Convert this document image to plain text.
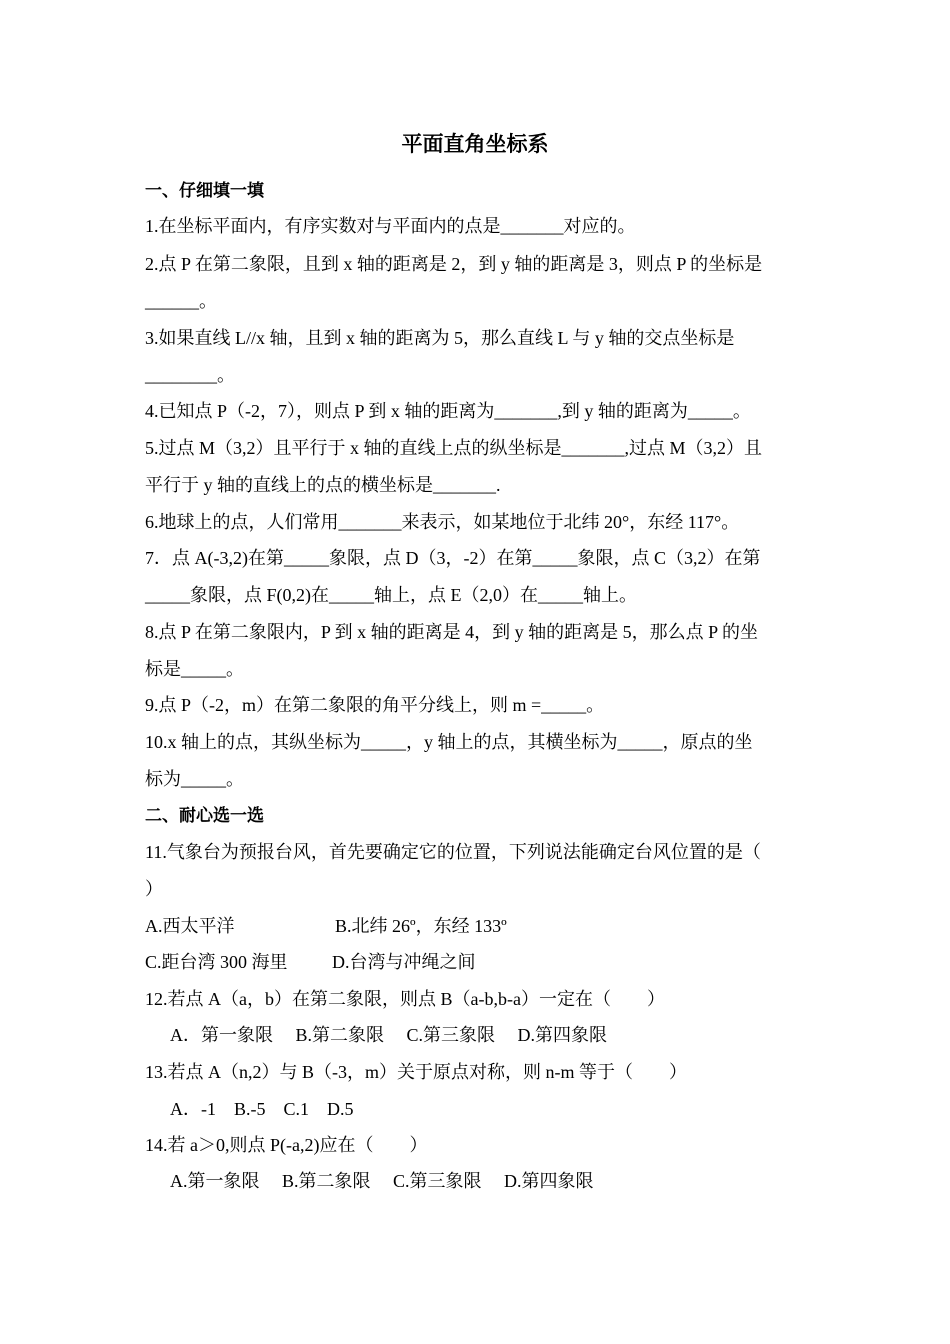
平面直角坐标系
一、仔细填一填
1.在坐标平面内，有序实数对与平面内的点是_______对应的。
2.点 P 在第二象限，且到 x 轴的距离是 2，到 y 轴的距离是 3，则点 P 的坐标是
______。
3.如果直线 L//x 轴，且到 x 轴的距离为 5，那么直线 L 与 y 轴的交点坐标是
________。
4.已知点 P（-2，7），则点 P 到 x 轴的距离为_______,到 y 轴的距离为_____。
5.过点 M（3,2）且平行于 x 轴的直线上点的纵坐标是_______,过点 M（3,2）且
平行于 y 轴的直线上的点的横坐标是_______.
6.地球上的点，人们常用_______来表示，如某地位于北纬 20°，东经 117°。
7．点 A(-3,2)在第_____象限，点 D（3，-2）在第_____象限，点 C（3,2）在第
_____象限，点 F(0,2)在_____轴上，点 E（2,0）在_____轴上。
8.点 P 在第二象限内，P 到 x 轴的距离是 4，到 y 轴的距离是 5，那么点 P 的坐
标是_____。
9.点 P（-2，m）在第二象限的角平分线上，则 m =_____。
10.x 轴上的点，其纵坐标为_____，y 轴上的点，其横坐标为_____，原点的坐
标为_____。
二、耐心选一选
11.气象台为预报台风，首先要确定它的位置，下列说法能确定台风位置的是（
）
A.西太平洋	B.北纬 26º，东经 133º
C.距台湾 300 海里 D.台湾与冲绳之间
12.若点 A（a，b）在第二象限，则点 B（a-b,b-a）一定在（　　）
A．第一象限　 B.第二象限　 C.第三象限　 D.第四象限
13.若点 A（n,2）与 B（-3，m）关于原点对称，则 n-m 等于（　　）
A．-1　B.-5　C.1　D.5
14.若 a＞0,则点 P(-a,2)应在（　　）
A.第一象限　 B.第二象限　 C.第三象限　 D.第四象限
